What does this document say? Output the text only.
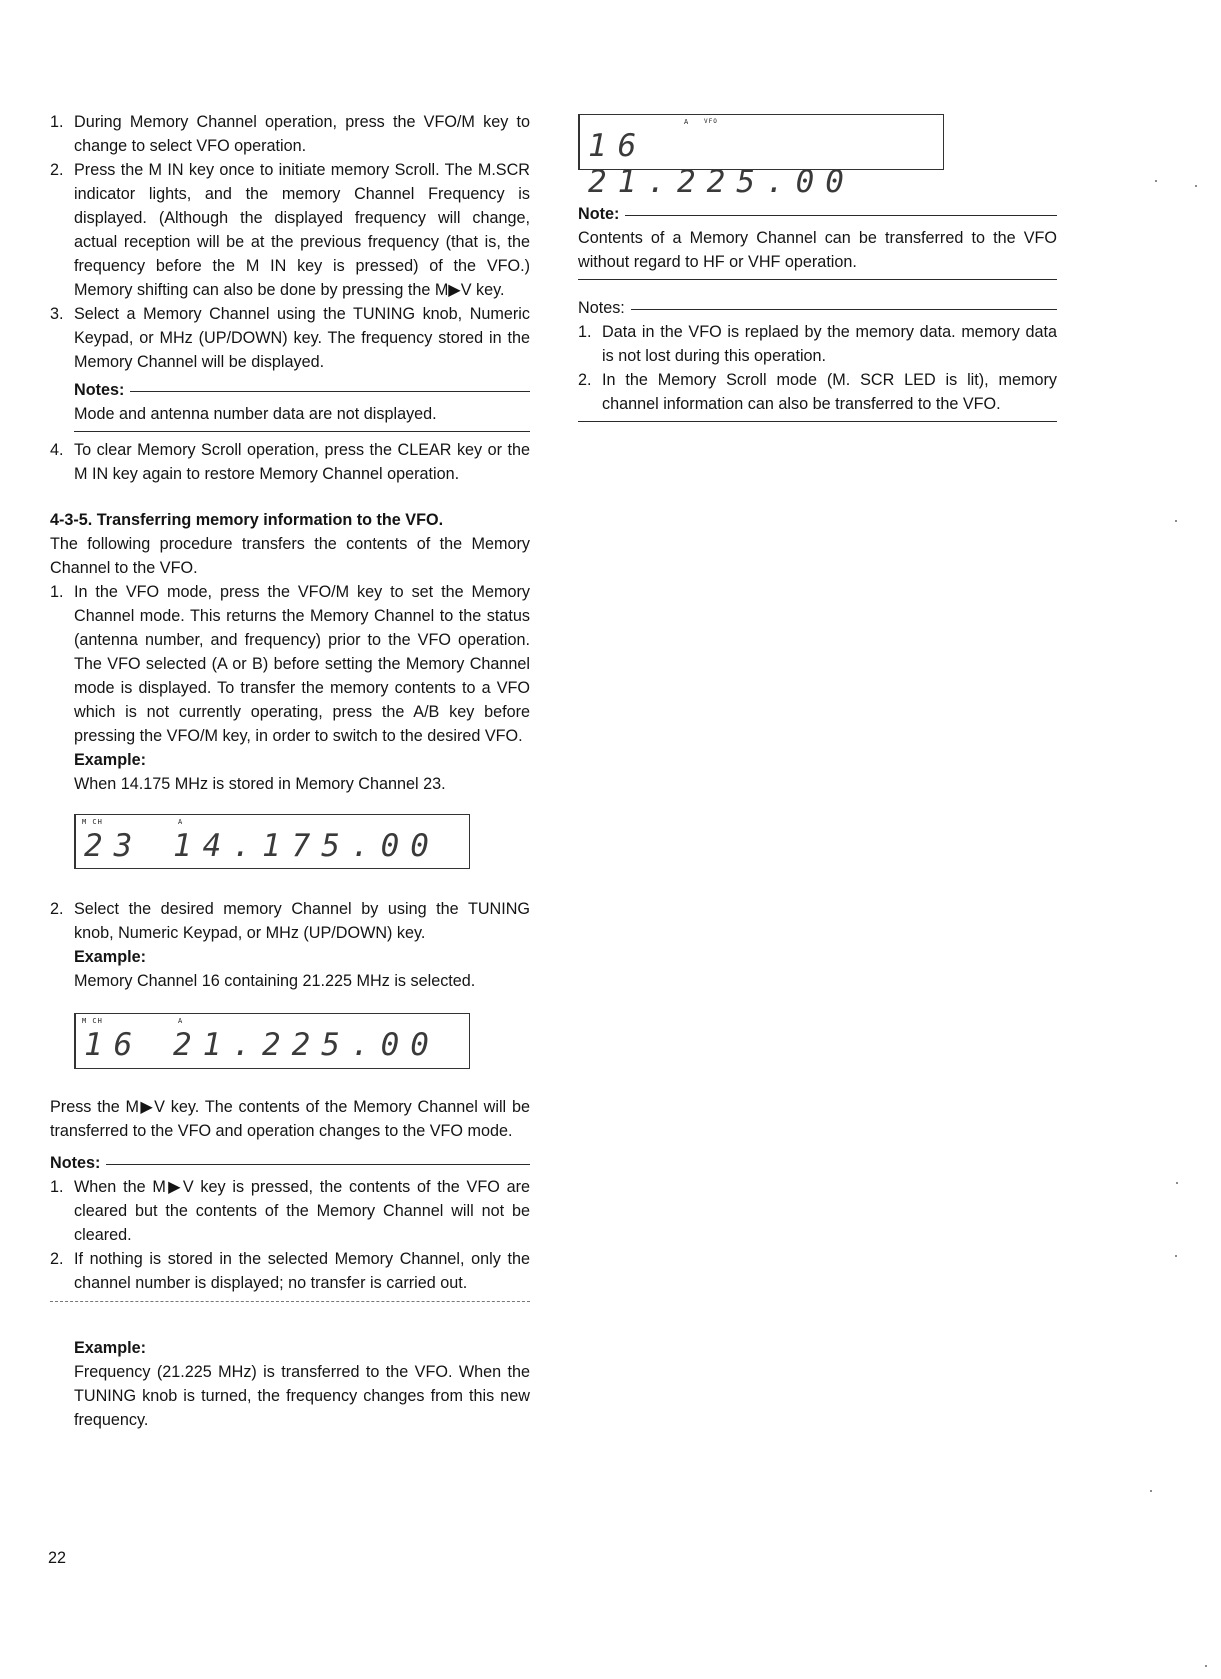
1. During Memory Channel operation, press the VFO/M key to change to select VFO operation.
2. Press the M IN key once to initiate memory Scroll. The M.SCR indicator lights, and the memory Channel Frequency is displayed. (Although the displayed frequency will change, actual reception will be at the previous frequency (that is, the frequency before the M IN key is pressed) of the VFO.) Memory shifting can also be done by pressing the M▶V key.
3. Select a Memory Channel using the TUNING knob, Numeric Keypad, or MHz (UP/DOWN) key. The frequency stored in the Memory Channel will be displayed.
Notes:
Mode and antenna number data are not displayed.
4. To clear Memory Scroll operation, press the CLEAR key or the M IN key again to restore Memory Channel operation.
4-3-5. Transferring memory information to the VFO.

The following procedure transfers the contents of the Memory Channel to the VFO.

1. In the VFO mode, press the VFO/M key to set the Memory Channel mode. This returns the Memory Channel to the status (antenna number, and frequency) prior to the VFO operation. The VFO selected (A or B) before setting the Memory Channel mode is displayed. To transfer the memory contents to a VFO which is not currently operating, press the A/B key before pressing the VFO/M key, in order to switch to the desired VFO.
Example:
When 14.175 MHz is stored in Memory Channel 23.
M CH	A
23 14.175.00
2. Select the desired memory Channel by using the TUNING knob, Numeric Keypad, or MHz (UP/DOWN) key.
Example:
Memory Channel 16 containing 21.225 MHz is selected.
M CH	A
16 21.225.00

Press the M▶V key. The contents of the Memory Channel will be transferred to the VFO and operation changes to the VFO mode.

Notes:
1. When the M▶V key is pressed, the contents of the VFO are cleared but the contents of the Memory Channel will not be cleared.
2. If nothing is stored in the selected Memory Channel, only the channel number is displayed; no transfer is carried out.
Example:
Frequency (21.225 MHz) is transferred to the VFO. When the TUNING knob is turned, the frequency changes from this new frequency.
A VFO
16 21.225.00
Note:
Contents of a Memory Channel can be transferred to the VFO without regard to HF or VHF operation.
Notes:
1. Data in the VFO is replaed by the memory data. memory data is not lost during this operation.
2. In the Memory Scroll mode (M. SCR LED is lit), memory channel information can also be transferred to the VFO.
22
